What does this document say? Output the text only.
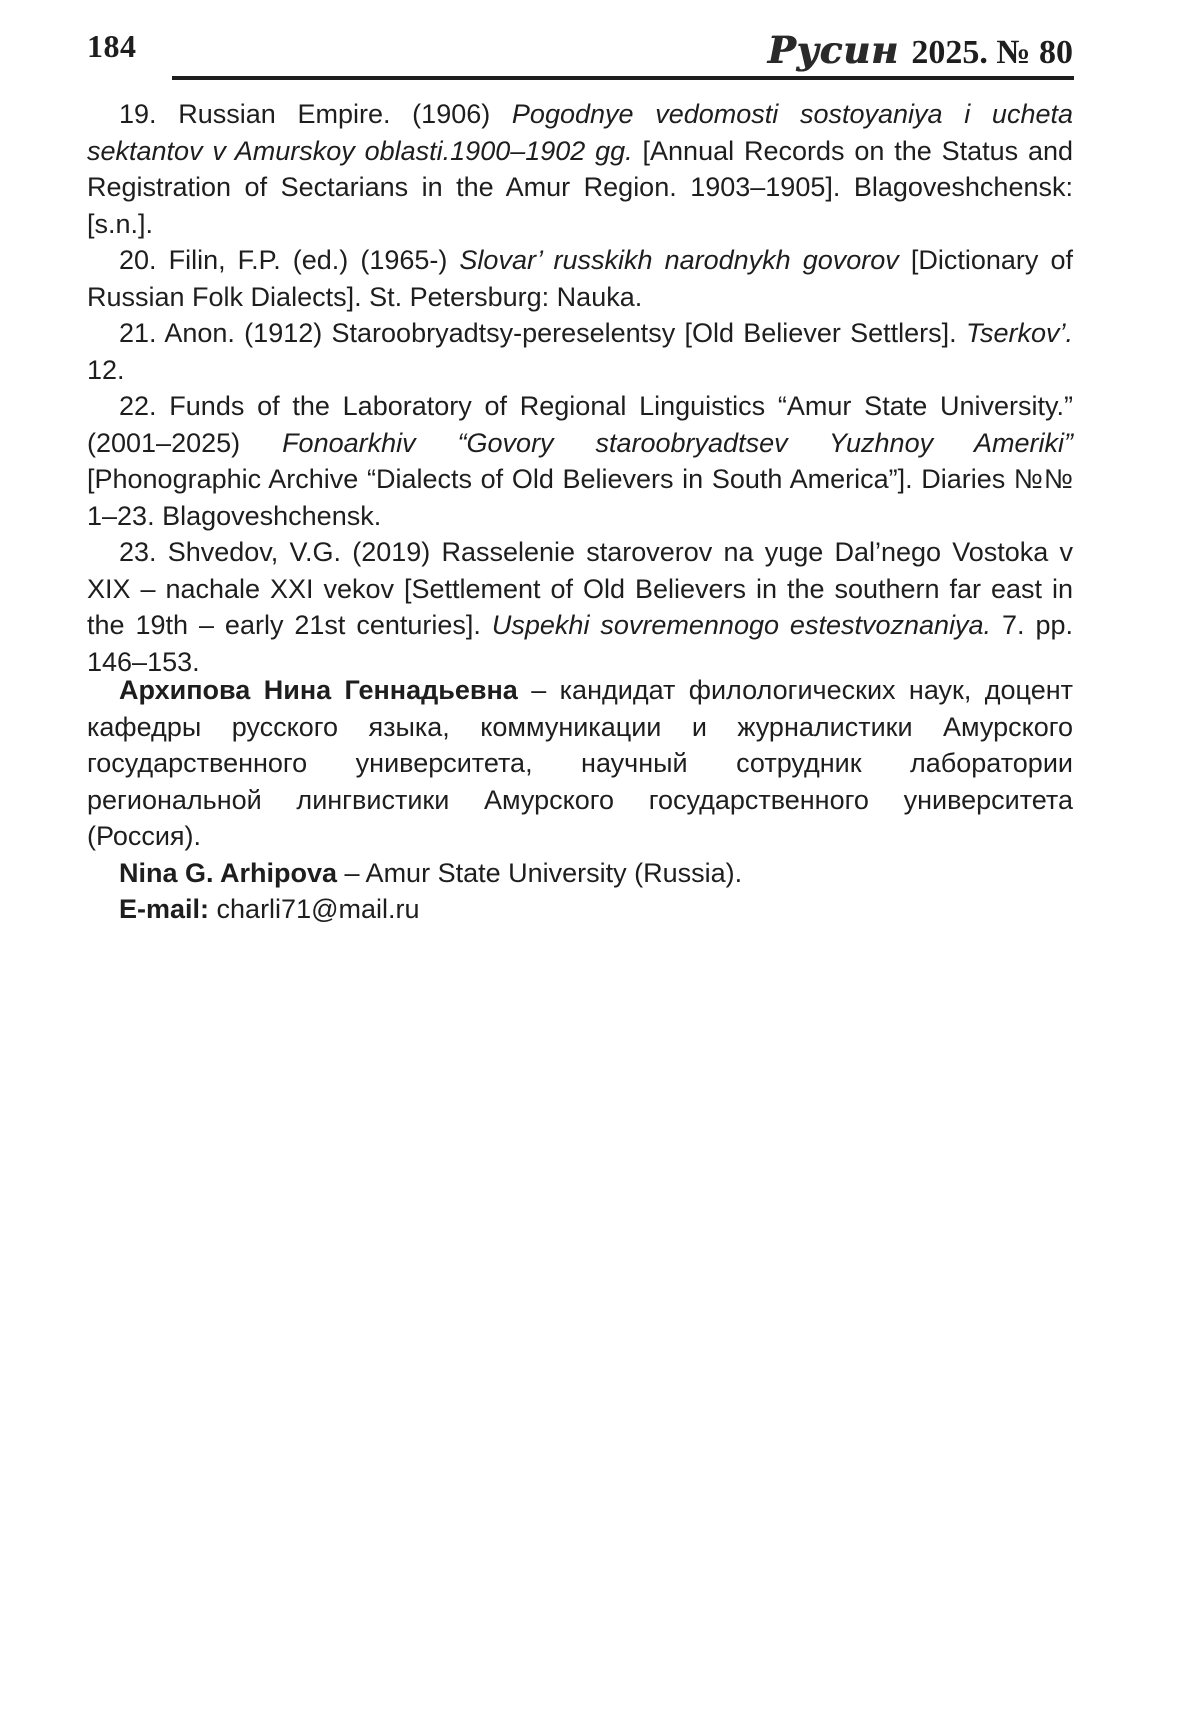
184	Русин 2025. № 80

19. Russian Empire. (1906) Pogodnye vedomosti sostoyaniya i ucheta sektantov v Amurskoy oblasti.1900–1902 gg. [Annual Records on the Status and Registration of Sectarians in the Amur Region. 1903–1905]. Blagoveshchensk: [s.n.].

20. Filin, F.P. (ed.) (1965-) Slovar’ russkikh narodnykh govorov [Dictionary of Russian Folk Dialects]. St. Petersburg: Nauka.

21. Anon. (1912) Staroobryadtsy-pereselentsy [Old Believer Settlers]. Tserkov’. 12.

22. Funds of the Laboratory of Regional Linguistics “Amur State University.” (2001–2025) Fonoarkhiv “Govory staroobryadtsev Yuzhnoy Ameriki” [Phonographic Archive “Dialects of Old Believers in South America”]. Diaries №№ 1–23. Blagoveshchensk.

23. Shvedov, V.G. (2019) Rasselenie staroverov na yuge Dal’nego Vostoka v XIX – nachale XXI vekov [Settlement of Old Believers in the southern far east in the 19th – early 21st centuries]. Uspekhi sovremennogo estestvoznaniya. 7. pp. 146–153.

Архипова Нина Геннадьевна – кандидат филологических наук, доцент кафедры русского языка, коммуникации и журналистики Амурского государственного университета, научный сотрудник лаборатории региональной лингвистики Амурского государственного университета (Россия).

Nina G. Arhipova – Amur State University (Russia).

E-mail: charli71@mail.ru
